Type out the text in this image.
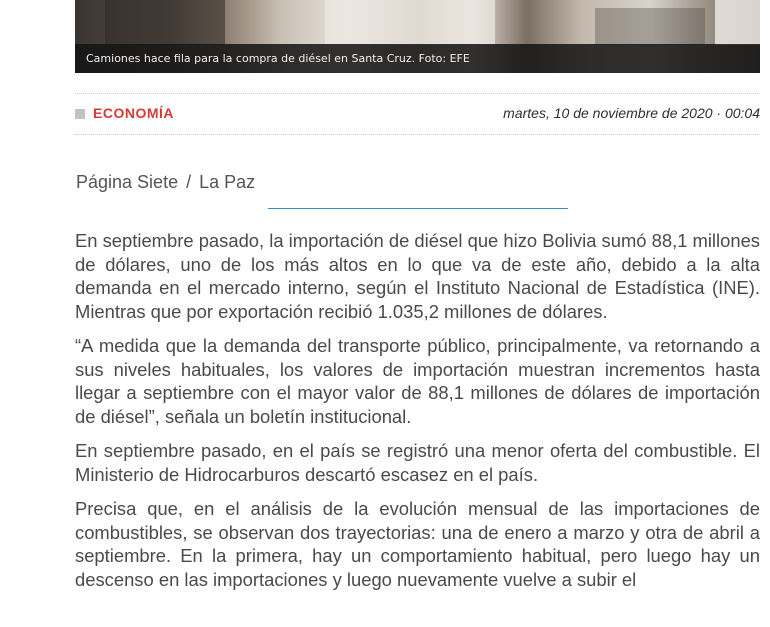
Camiones hace fila para la compra de diésel en Santa Cruz. Foto: EFE
ECONOMÍA	martes, 10 de noviembre de 2020 · 00:04
Página Siete / La Paz

En septiembre pasado, la importación de diésel que hizo Bolivia sumó 88,1 millones de dólares, uno de los más altos en lo que va de este año, debido a la alta demanda en el mercado interno, según el Instituto Nacional de Estadística (INE). Mientras que por exportación recibió 1.035,2 millones de dólares.

“A medida que la demanda del transporte público, principalmente, va retornando a sus niveles habituales, los valores de importación muestran incrementos hasta llegar a septiembre con el mayor valor de 88,1 millones de dólares de importación de diésel”, señala un boletín institucional.

En septiembre pasado, en el país se registró una menor oferta del combustible. El Ministerio de Hidrocarburos descartó escasez en el país.

Precisa que, en el análisis de la evolución mensual de las importaciones de combustibles, se observan dos trayectorias: una de enero a marzo y otra de abril a septiembre. En la primera, hay un comportamiento habitual, pero luego hay un descenso en las importaciones y luego nuevamente vuelve a subir el
